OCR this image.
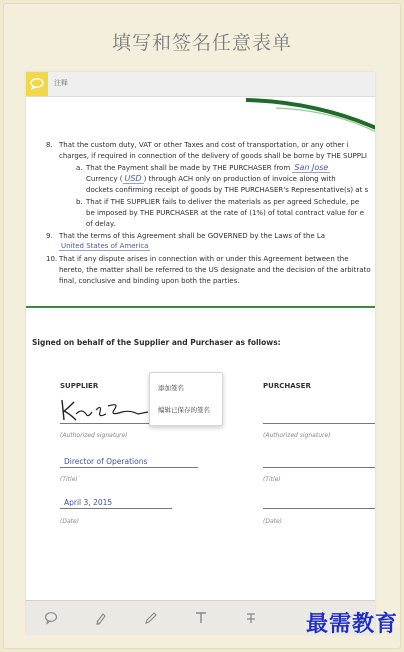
填写和签名任意表单
注释
8. That the custom duty, VAT or other Taxes and cost of transportation, or any other i
charges, if required in connection of the delivery of goods shall be borne by THE SUPPLI
a. That the Payment shall be made by THE PURCHASER from San Jose
Currency ( USD ) through ACH only on production of invoice along with
dockets confirming receipt of goods by THE PURCHASER's Representative(s) at s
b. That if THE SUPPLIER fails to deliver the materials as per agreed Schedule, pe
be imposed by THE PURCHASER at the rate of (1%) of total contract value for e
of delay.
9. That the terms of this Agreement shall be GOVERNED by the Laws of the La
United States of America
10. That if any dispute arises in connection with or under this Agreement between the
hereto, the matter shall be referred to the US designate and the decision of the arbitrato
final, conclusive and binding upon both the parties.
Signed on behalf of the Supplier and Purchaser as follows:
SUPPLIER	PURCHASER
(Authorized signature)	(Authorized signature)
Director of Operations
(Title)	(Title)
April 3, 2015
(Date)	(Date)
添加签名
编辑已保存的签名
最需教育
